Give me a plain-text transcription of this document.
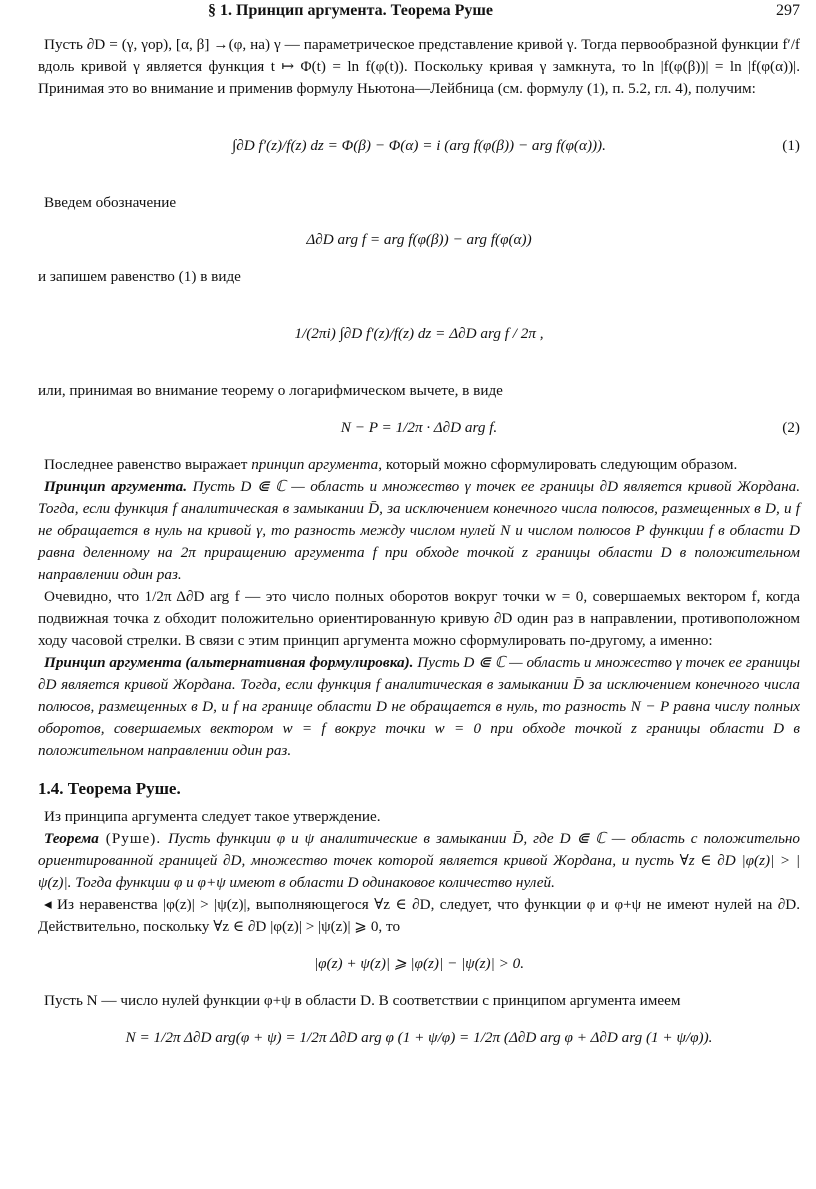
§ 1. Принцип аргумента. Теорема Руше	297

Пусть ∂D = (γ, γор), [α, β] →(φ, на) γ — параметрическое представление кривой γ. Тогда первообразной функции f′/f вдоль кривой γ является функция t ↦ Φ(t) = ln f(φ(t)). Поскольку кривая γ замкнута, то ln |f(φ(β))| = ln |f(φ(α))|. Принимая это во внимание и применив формулу Ньютона—Лейбница (см. формулу (1), п. 5.2, гл. 4), получим:

∫∂D f′(z)/f(z) dz = Φ(β) − Φ(α) = i (arg f(φ(β)) − arg f(φ(α))).	(1)

Введем обозначение

Δ∂D arg f = arg f(φ(β)) − arg f(φ(α))

и запишем равенство (1) в виде

1/(2πi) ∫∂D f′(z)/f(z) dz = Δ∂D arg f / 2π ,

или, принимая во внимание теорему о логарифмическом вычете, в виде

N − P = 1/2π · Δ∂D arg f.	(2)

Последнее равенство выражает принцип аргумента, который можно сформулировать следующим образом.

Принцип аргумента. Пусть D ⋐ ℂ — область и множество γ точек ее границы ∂D является кривой Жордана. Тогда, если функция f аналитическая в замыкании D̄, за исключением конечного числа полюсов, размещенных в D, и f не обращается в нуль на кривой γ, то разность между числом нулей N и числом полюсов P функции f в области D равна деленному на 2π приращению аргумента f при обходе точкой z границы области D в положительном направлении один раз.

Очевидно, что 1/2π Δ∂D arg f — это число полных оборотов вокруг точки w = 0, совершаемых вектором f, когда подвижная точка z обходит положительно ориентированную кривую ∂D один раз в направлении, противоположном ходу часовой стрелки. В связи с этим принцип аргумента можно сформулировать по-другому, а именно:

Принцип аргумента (альтернативная формулировка). Пусть D ⋐ ℂ — область и множество γ точек ее границы ∂D является кривой Жордана. Тогда, если функция f аналитическая в замыкании D̄ за исключением конечного числа полюсов, размещенных в D, и f на границе области D не обращается в нуль, то разность N − P равна числу полных оборотов, совершаемых вектором w = f вокруг точки w = 0 при обходе точкой z границы области D в положительном направлении один раз.

1.4. Теорема Руше.

Из принципа аргумента следует такое утверждение.

Теорема (Руше). Пусть функции φ и ψ аналитические в замыкании D̄, где D ⋐ ℂ — область с положительно ориентированной границей ∂D, множество точек которой является кривой Жордана, и пусть ∀z ∈ ∂D |φ(z)| > |ψ(z)|. Тогда функции φ и φ+ψ имеют в области D одинаковое количество нулей.

◂ Из неравенства |φ(z)| > |ψ(z)|, выполняющегося ∀z ∈ ∂D, следует, что функции φ и φ+ψ не имеют нулей на ∂D. Действительно, поскольку ∀z ∈ ∂D |φ(z)| > |ψ(z)| ⩾ 0, то

|φ(z) + ψ(z)| ⩾ |φ(z)| − |ψ(z)| > 0.

Пусть N — число нулей функции φ+ψ в области D. В соответствии с принципом аргумента имеем

N = 1/2π Δ∂D arg(φ + ψ) = 1/2π Δ∂D arg φ (1 + ψ/φ) = 1/2π (Δ∂D arg φ + Δ∂D arg (1 + ψ/φ)).
